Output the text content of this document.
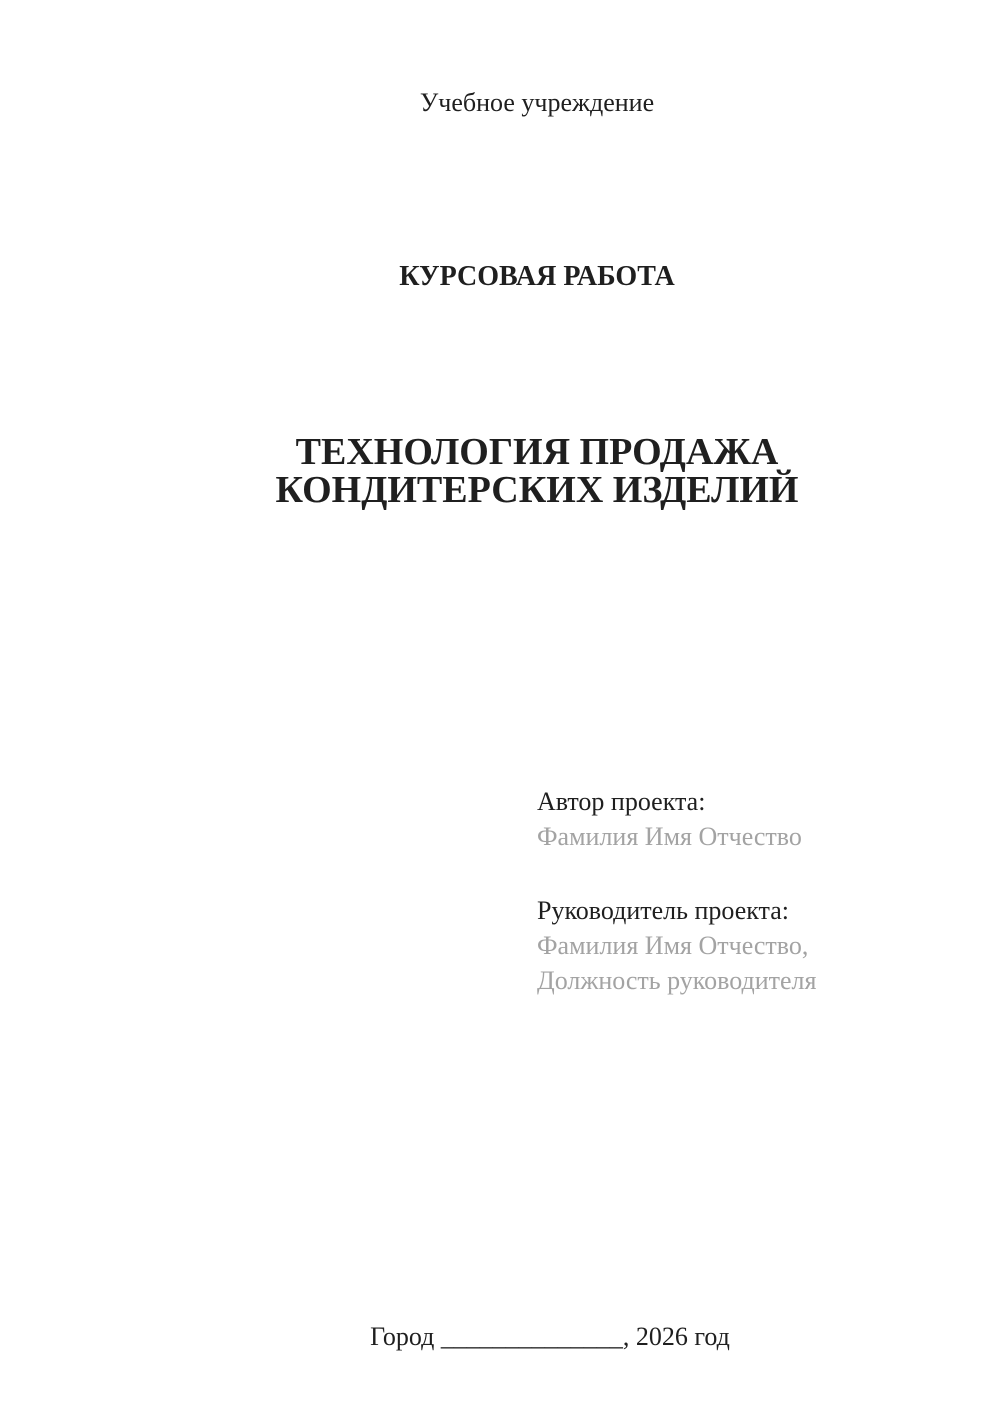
Учебное учреждение
КУРСОВАЯ РАБОТА
ТЕХНОЛОГИЯ ПРОДАЖА
КОНДИТЕРСКИХ ИЗДЕЛИЙ

Автор проекта:
Фамилия Имя Отчество

Руководитель проекта:
Фамилия Имя Отчество,
Должность руководителя

Город ______________, 2026 год
